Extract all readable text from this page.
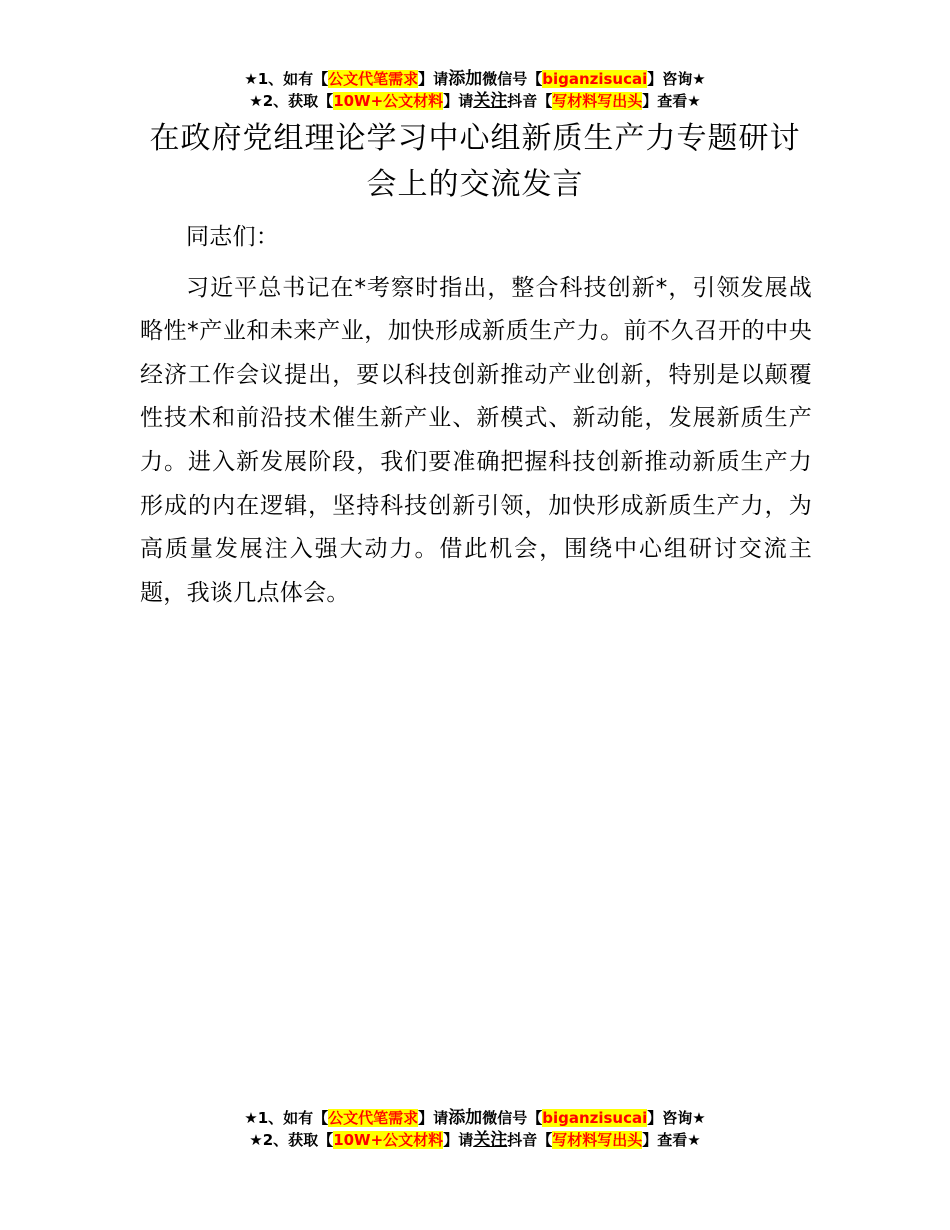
★1、如有【公文代笔需求】请添加微信号【biganzisucai】咨询★
★2、获取【10W+公文材料】请关注抖音【写材料写出头】查看★
在政府党组理论学习中心组新质生产力专题研讨会上的交流发言

同志们：

习近平总书记在*考察时指出，整合科技创新*，引领发展战略性*产业和未来产业，加快形成新质生产力。前不久召开的中央经济工作会议提出，要以科技创新推动产业创新，特别是以颠覆性技术和前沿技术催生新产业、新模式、新动能，发展新质生产力。进入新发展阶段，我们要准确把握科技创新推动新质生产力形成的内在逻辑，坚持科技创新引领，加快形成新质生产力，为高质量发展注入强大动力。借此机会，围绕中心组研讨交流主题，我谈几点体会。

★1、如有【公文代笔需求】请添加微信号【biganzisucai】咨询★
★2、获取【10W+公文材料】请关注抖音【写材料写出头】查看★
